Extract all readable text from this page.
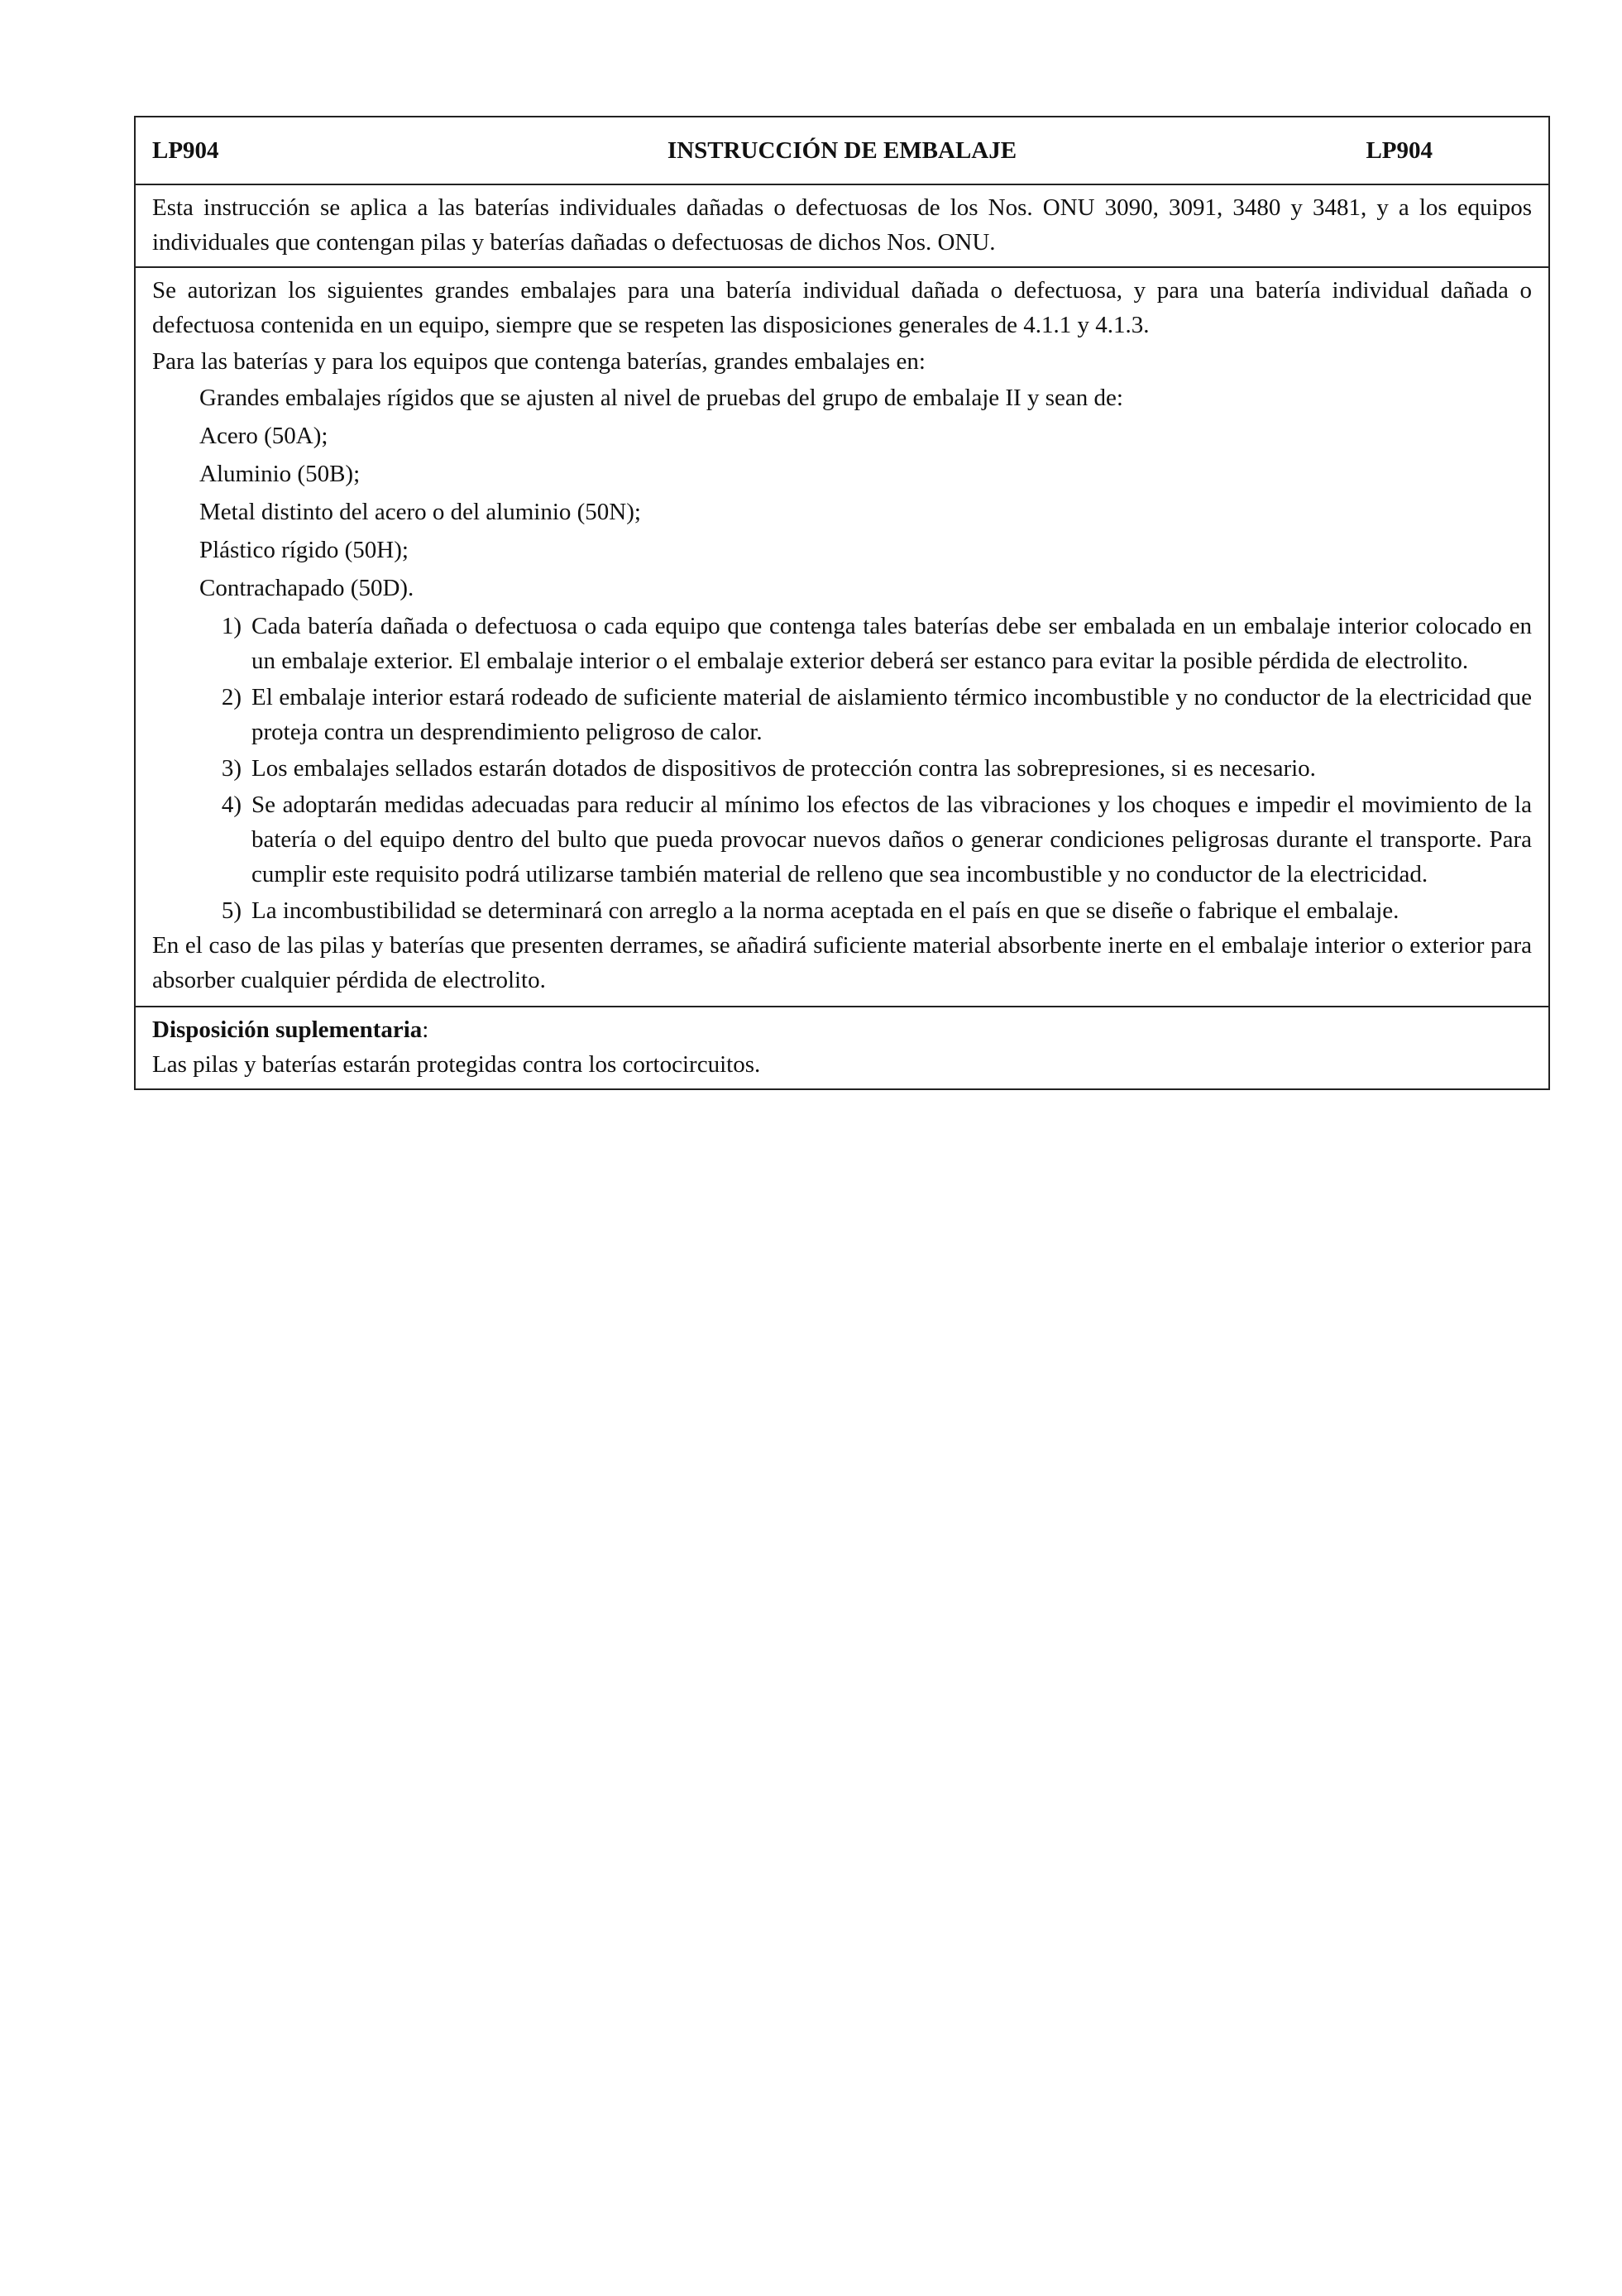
LP904	INSTRUCCIÓN DE EMBALAJE	LP904

Esta instrucción se aplica a las baterías individuales dañadas o defectuosas de los Nos. ONU 3090, 3091, 3480 y 3481, y a los equipos individuales que contengan pilas y baterías dañadas o defectuosas de dichos Nos. ONU.

Se autorizan los siguientes grandes embalajes para una batería individual dañada o defectuosa, y para una batería individual dañada o defectuosa contenida en un equipo, siempre que se respeten las disposiciones generales de 4.1.1 y 4.1.3.

Para las baterías y para los equipos que contenga baterías, grandes embalajes en:

Grandes embalajes rígidos que se ajusten al nivel de pruebas del grupo de embalaje II y sean de:
Acero (50A);
Aluminio (50B);
Metal distinto del acero o del aluminio (50N);
Plástico rígido (50H);
Contrachapado (50D).
1) Cada batería dañada o defectuosa o cada equipo que contenga tales baterías debe ser embalada en un embalaje interior colocado en un embalaje exterior. El embalaje interior o el embalaje exterior deberá ser estanco para evitar la posible pérdida de electrolito.
2) El embalaje interior estará rodeado de suficiente material de aislamiento térmico incombustible y no conductor de la electricidad que proteja contra un desprendimiento peligroso de calor.
3) Los embalajes sellados estarán dotados de dispositivos de protección contra las sobrepresiones, si es necesario.
4) Se adoptarán medidas adecuadas para reducir al mínimo los efectos de las vibraciones y los choques e impedir el movimiento de la batería o del equipo dentro del bulto que pueda provocar nuevos daños o generar condiciones peligrosas durante el transporte. Para cumplir este requisito podrá utilizarse también material de relleno que sea incombustible y no conductor de la electricidad.
5) La incombustibilidad se determinará con arreglo a la norma aceptada en el país en que se diseñe o fabrique el embalaje.

En el caso de las pilas y baterías que presenten derrames, se añadirá suficiente material absorbente inerte en el embalaje interior o exterior para absorber cualquier pérdida de electrolito.

Disposición suplementaria:

Las pilas y baterías estarán protegidas contra los cortocircuitos.
